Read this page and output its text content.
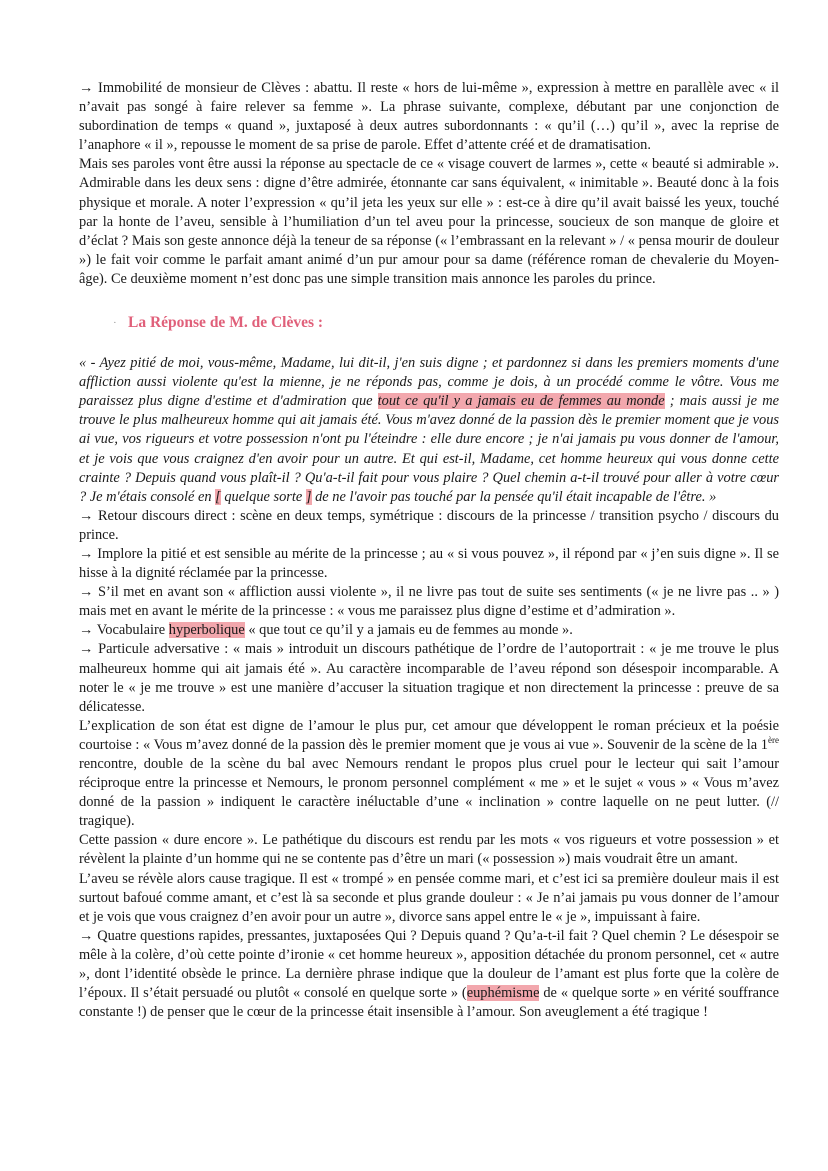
→ Immobilité de monsieur de Clèves : abattu. Il reste « hors de lui-même », expression à mettre en parallèle avec « il n’avait pas songé à faire relever sa femme ». La phrase suivante, complexe, débutant par une conjonction de subordination de temps « quand », juxtaposé à deux autres subordonnants : « qu’il (…) qu’il », avec la reprise de l’anaphore « il », repousse le moment de sa prise de parole. Effet d’attente créé et de dramatisation.

Mais ses paroles vont être aussi la réponse au spectacle de ce « visage couvert de larmes », cette « beauté si admirable ». Admirable dans les deux sens : digne d’être admirée, étonnante car sans équivalent, « inimitable ». Beauté donc à la fois physique et morale. A noter l’expression « qu’il jeta les yeux sur elle » : est-ce à dire qu’il avait baissé les yeux, touché par la honte de l’aveu, sensible à l’humiliation d’un tel aveu pour la princesse, soucieux de son manque de gloire et d’éclat ? Mais son geste annonce déjà la teneur de sa réponse (« l’embrassant en la relevant » / « pensa mourir de douleur ») le fait voir comme le parfait amant animé d’un pur amour pour sa dame (référence roman de chevalerie du Moyen-âge). Ce deuxième moment n’est donc pas une simple transition mais annonce les paroles du prince.

· La Réponse de M. de Clèves :

« - Ayez pitié de moi, vous-même, Madame, lui dit-il, j'en suis digne ; et pardonnez si dans les premiers moments d'une affliction aussi violente qu'est la mienne, je ne réponds pas, comme je dois, à un procédé comme le vôtre. Vous me paraissez plus digne d'estime et d'admiration que tout ce qu'il y a jamais eu de femmes au monde ; mais aussi je me trouve le plus malheureux homme qui ait jamais été. Vous m'avez donné de la passion dès le premier moment que je vous ai vue, vos rigueurs et votre possession n'ont pu l'éteindre : elle dure encore ; je n'ai jamais pu vous donner de l'amour, et je vois que vous craignez d'en avoir pour un autre. Et qui est-il, Madame, cet homme heureux qui vous donne cette crainte ? Depuis quand vous plaît-il ? Qu'a-t-il fait pour vous plaire ? Quel chemin a-t-il trouvé pour aller à votre cœur ? Je m'étais consolé en [ quelque sorte ] de ne l'avoir pas touché par la pensée qu'il était incapable de l'être. »

→ Retour discours direct : scène en deux temps, symétrique : discours de la princesse / transition psycho / discours du prince.

→ Implore la pitié et est sensible au mérite de la princesse ; au « si vous pouvez », il répond par « j’en suis digne ». Il se hisse à la dignité réclamée par la princesse.

→ S’il met en avant son « affliction aussi violente », il ne livre pas tout de suite ses sentiments (« je ne livre pas .. » ) mais met en avant le mérite de la princesse : « vous me paraissez plus digne d’estime et d’admiration ».

→ Vocabulaire hyperbolique « que tout ce qu’il y a jamais eu de femmes au monde ».

→ Particule adversative : « mais » introduit un discours pathétique de l’ordre de l’autoportrait : « je me trouve le plus malheureux homme qui ait jamais été ». Au caractère incomparable de l’aveu répond son désespoir incomparable. A noter le « je me trouve » est une manière d’accuser la situation tragique et non directement la princesse : preuve de sa délicatesse.

L’explication de son état est digne de l’amour le plus pur, cet amour que développent le roman précieux et la poésie courtoise : « Vous m’avez donné de la passion dès le premier moment que je vous ai vue ». Souvenir de la scène de la 1ère rencontre, double de la scène du bal avec Nemours rendant le propos plus cruel pour le lecteur qui sait l’amour réciproque entre la princesse et Nemours, le pronom personnel complément « me » et le sujet « vous » « Vous m’avez donné de la passion » indiquent le caractère inéluctable d’une « inclination » contre laquelle on ne peut lutter. (// tragique).

Cette passion « dure encore ». Le pathétique du discours est rendu par les mots « vos rigueurs et votre possession » et révèlent la plainte d’un homme qui ne se contente pas d’être un mari (« possession ») mais voudrait être un amant.

L’aveu se révèle alors cause tragique. Il est « trompé » en pensée comme mari, et c’est ici sa première douleur mais il est surtout bafoué comme amant, et c’est là sa seconde et plus grande douleur : « Je n’ai jamais pu vous donner de l’amour et je vois que vous craignez d’en avoir pour un autre », divorce sans appel entre le « je », impuissant à faire.

→ Quatre questions rapides, pressantes, juxtaposées Qui ? Depuis quand ? Qu’a-t-il fait ? Quel chemin ? Le désespoir se mêle à la colère, d’où cette pointe d’ironie « cet homme heureux », apposition détachée du pronom personnel, cet « autre », dont l’identité obsède le prince. La dernière phrase indique que la douleur de l’amant est plus forte que la colère de l’époux. Il s’était persuadé ou plutôt « consolé en quelque sorte » (euphémisme de « quelque sorte » en vérité souffrance constante !) de penser que le cœur de la princesse était insensible à l’amour. Son aveuglement a été tragique !
